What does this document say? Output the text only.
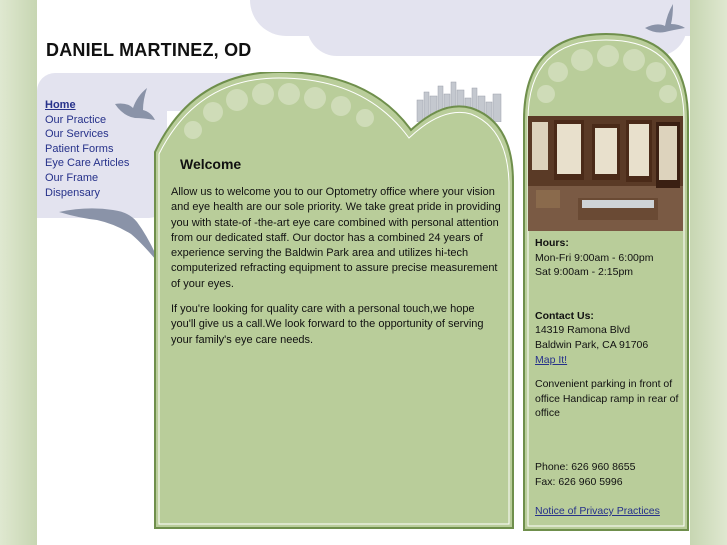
Welcome

Allow us to welcome you to our Optometry office where your vision and eye health are our sole priority. We take great pride in providing you with state-of -the-art eye care combined with personal attention from our dedicated staff. Our doctor has a combined 24 years of experience serving the Baldwin Park area and utilizes hi-tech computerized refracting equipment to assure precise measurement of your eyes.

If you're looking for quality care with a personal touch,we hope you'll give us a call.We look forward to the opportunity of serving your family's eye care needs.

Hours:
Mon-Fri 9:00am - 6:00pm
Sat 9:00am - 2:15pm
Contact Us:
14319 Ramona Blvd
Baldwin Park, CA 91706
Map It!
Convenient parking in front of office Handicap ramp in rear of office
Phone: 626 960 8655
Fax: 626 960 5996
Notice of Privacy Practices
DANIEL MARTINEZ, OD
Home
Our Practice
Our Services
Patient Forms
Eye Care Articles
Our Frame
Dispensary
